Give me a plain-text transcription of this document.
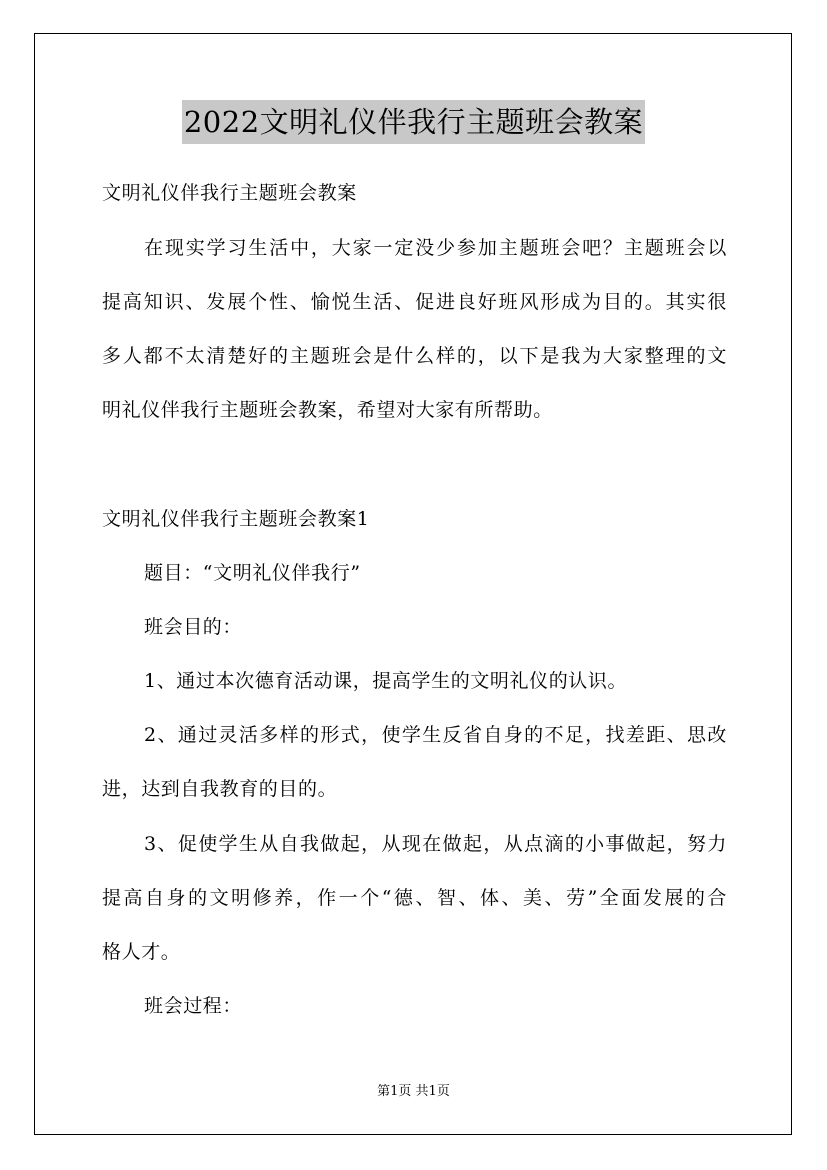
2022文明礼仪伴我行主题班会教案
文明礼仪伴我行主题班会教案
在现实学习生活中，大家一定没少参加主题班会吧？主题班会以
提高知识、发展个性、愉悦生活、促进良好班风形成为目的。其实很
多人都不太清楚好的主题班会是什么样的，以下是我为大家整理的文
明礼仪伴我行主题班会教案，希望对大家有所帮助。
文明礼仪伴我行主题班会教案1
题目：“文明礼仪伴我行”
班会目的：
1、通过本次德育活动课，提高学生的文明礼仪的认识。
2、通过灵活多样的形式，使学生反省自身的不足，找差距、思改
进，达到自我教育的目的。
3、促使学生从自我做起，从现在做起，从点滴的小事做起，努力
提高自身的文明修养，作一个“德、智、体、美、劳”全面发展的合
格人才。
班会过程：
第1页 共1页
